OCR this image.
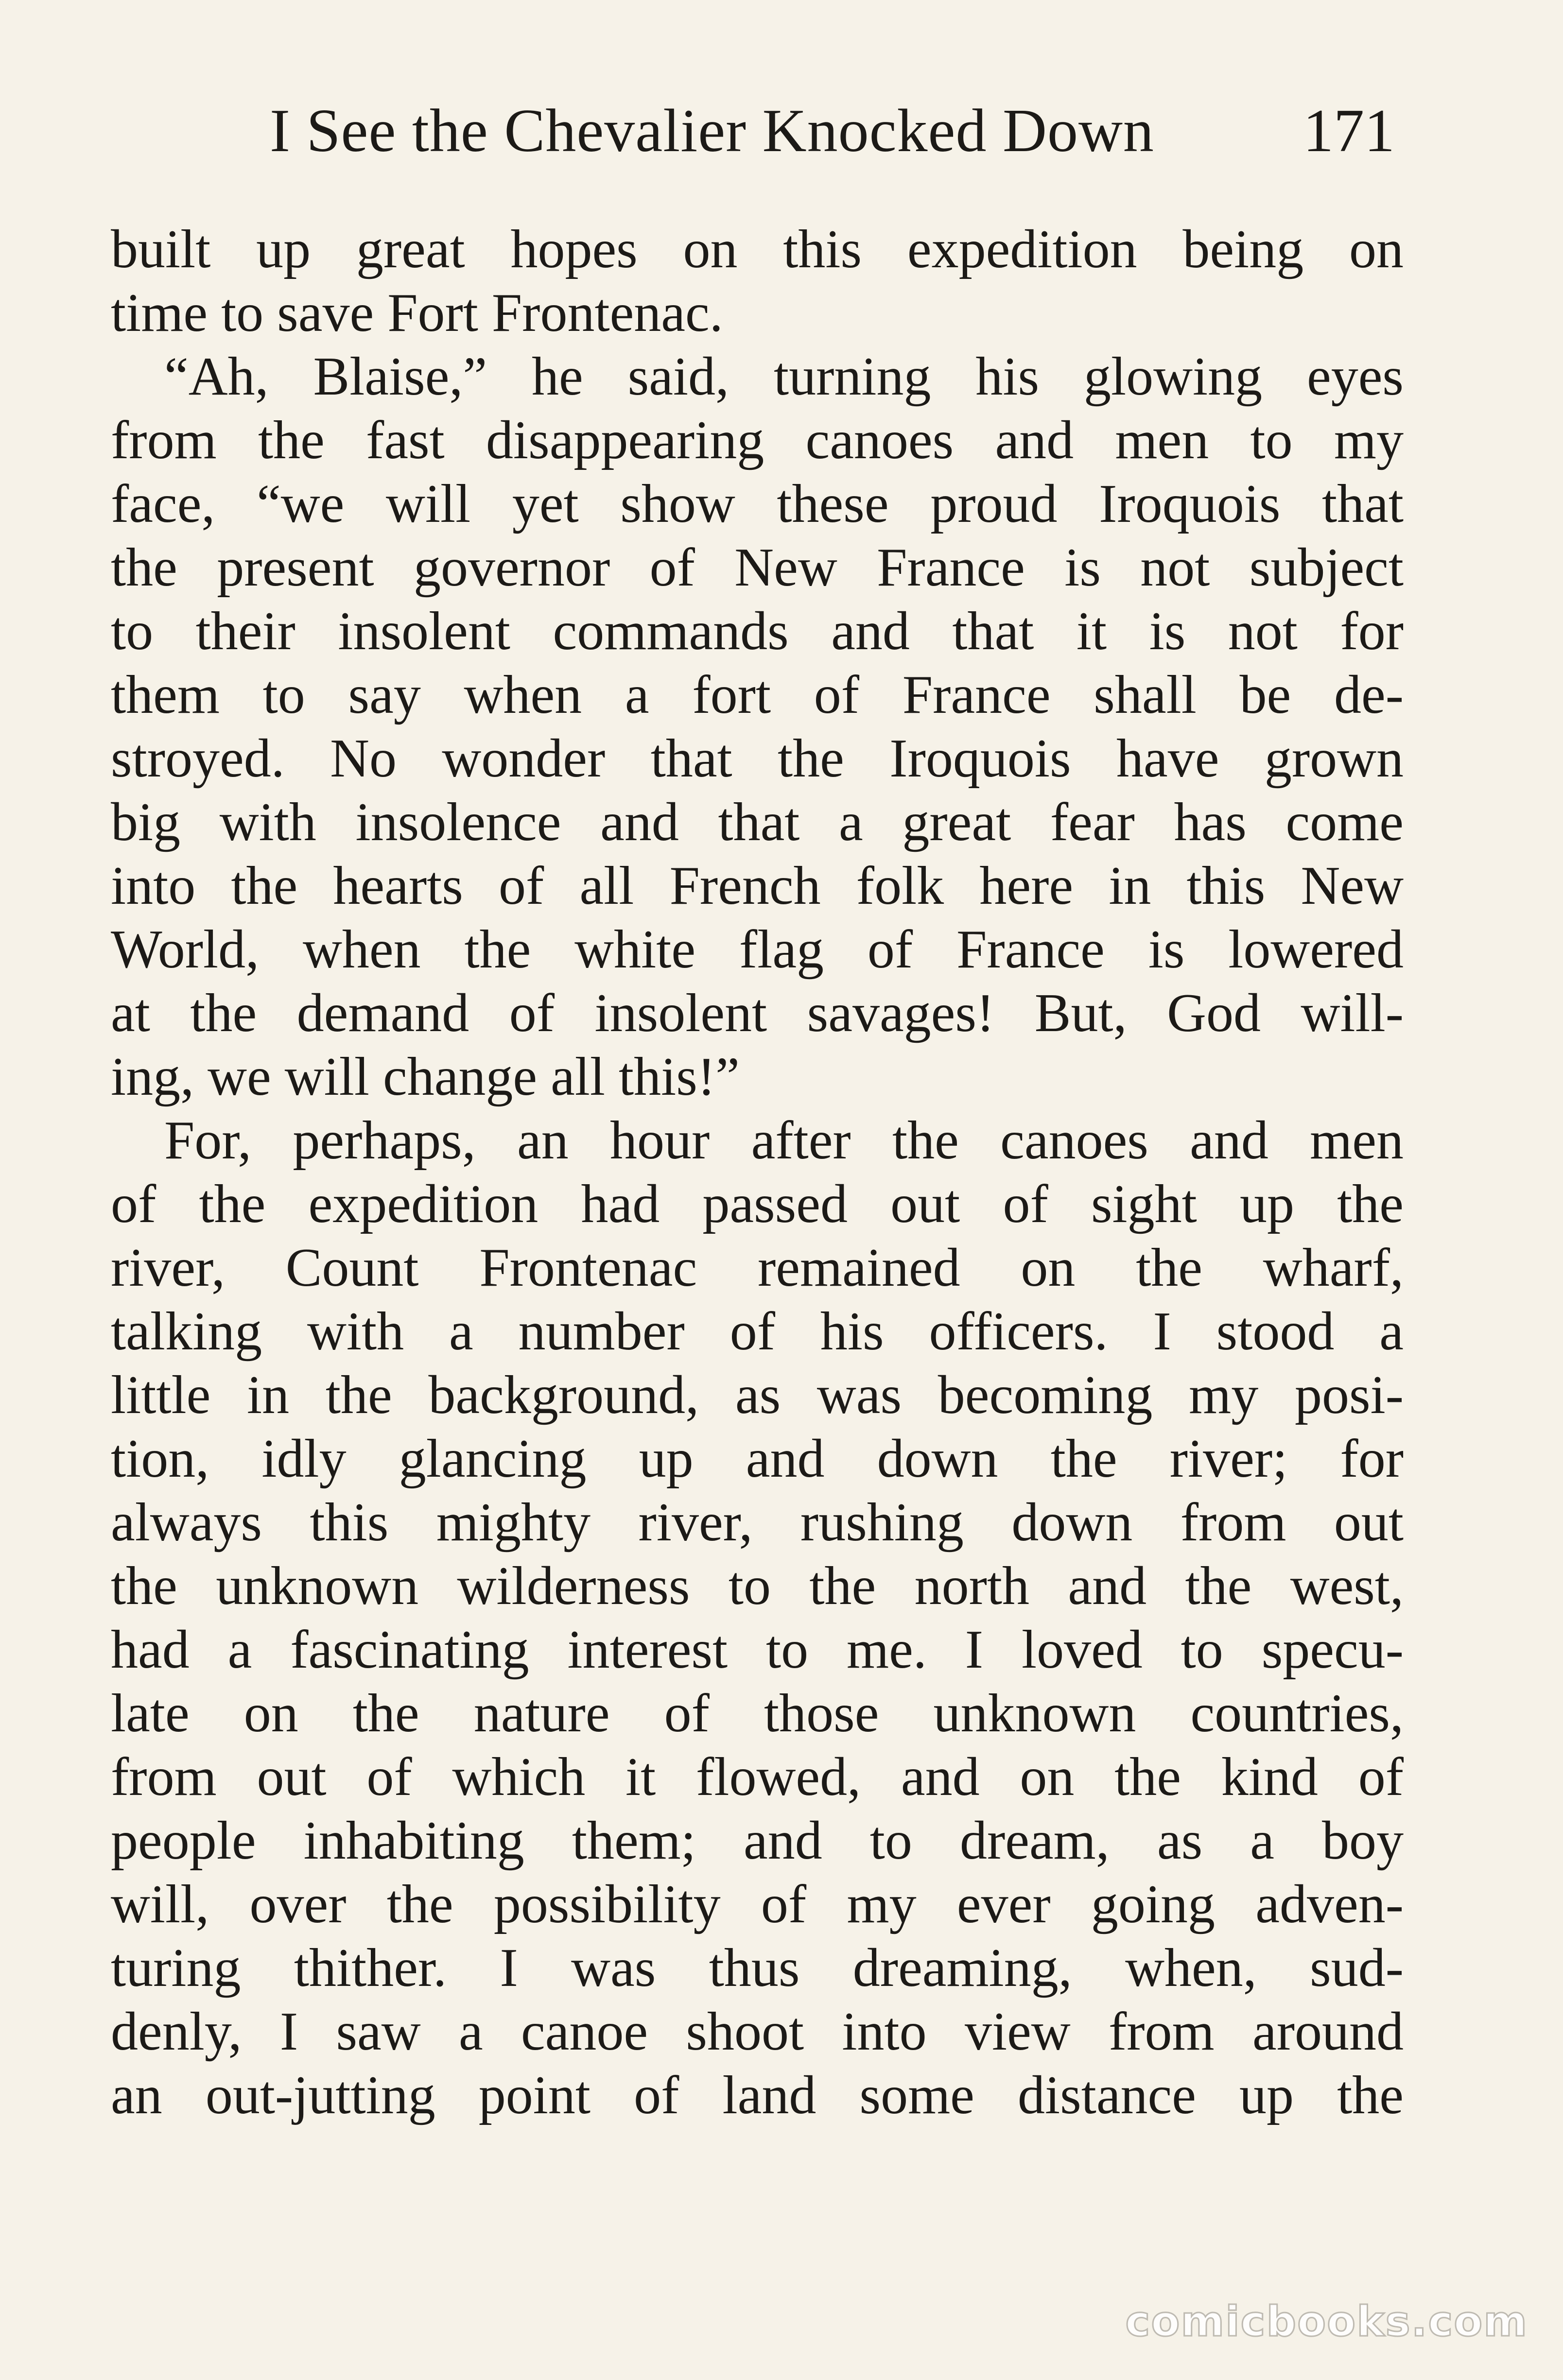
I See the Chevalier Knocked Down 171
built up great hopes on this expedition being on
time to save Fort Frontenac.
“Ah, Blaise,” he said, turning his glowing eyes
from the fast disappearing canoes and men to my
face, “we will yet show these proud Iroquois that
the present governor of New France is not subject
to their insolent commands and that it is not for
them to say when a fort of France shall be de-
stroyed. No wonder that the Iroquois have grown
big with insolence and that a great fear has come
into the hearts of all French folk here in this New
World, when the white flag of France is lowered
at the demand of insolent savages! But, God will-
ing, we will change all this!”
For, perhaps, an hour after the canoes and men
of the expedition had passed out of sight up the
river, Count Frontenac remained on the wharf,
talking with a number of his officers. I stood a
little in the background, as was becoming my posi-
tion, idly glancing up and down the river; for
always this mighty river, rushing down from out
the unknown wilderness to the north and the west,
had a fascinating interest to me. I loved to specu-
late on the nature of those unknown countries,
from out of which it flowed, and on the kind of
people inhabiting them; and to dream, as a boy
will, over the possibility of my ever going adven-
turing thither. I was thus dreaming, when, sud-
denly, I saw a canoe shoot into view from around
an out-jutting point of land some distance up the
comicbooks.com
